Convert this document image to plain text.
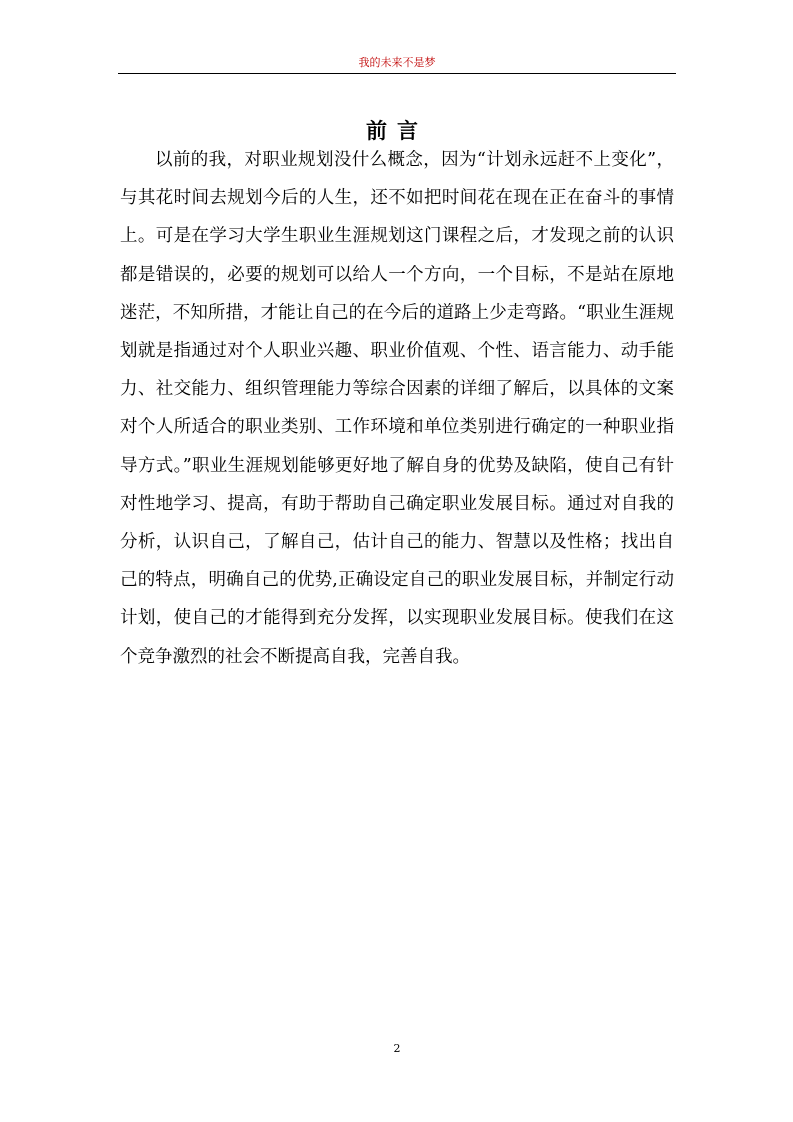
我的未来不是梦
前言

以前的我，对职业规划没什么概念，因为“计划永远赶不上变化”，与其花时间去规划今后的人生，还不如把时间花在现在正在奋斗的事情上。可是在学习大学生职业生涯规划这门课程之后，才发现之前的认识都是错误的，必要的规划可以给人一个方向，一个目标，不是站在原地迷茫，不知所措，才能让自己的在今后的道路上少走弯路。“职业生涯规划就是指通过对个人职业兴趣、职业价值观、个性、语言能力、动手能力、社交能力、组织管理能力等综合因素的详细了解后，以具体的文案对个人所适合的职业类别、工作环境和单位类别进行确定的一种职业指导方式。”职业生涯规划能够更好地了解自身的优势及缺陷，使自己有针对性地学习、提高，有助于帮助自己确定职业发展目标。通过对自我的分析，认识自己，了解自己，估计自己的能力、智慧以及性格；找出自己的特点，明确自己的优势,正确设定自己的职业发展目标，并制定行动计划，使自己的才能得到充分发挥，以实现职业发展目标。使我们在这个竞争激烈的社会不断提高自我，完善自我。

2
